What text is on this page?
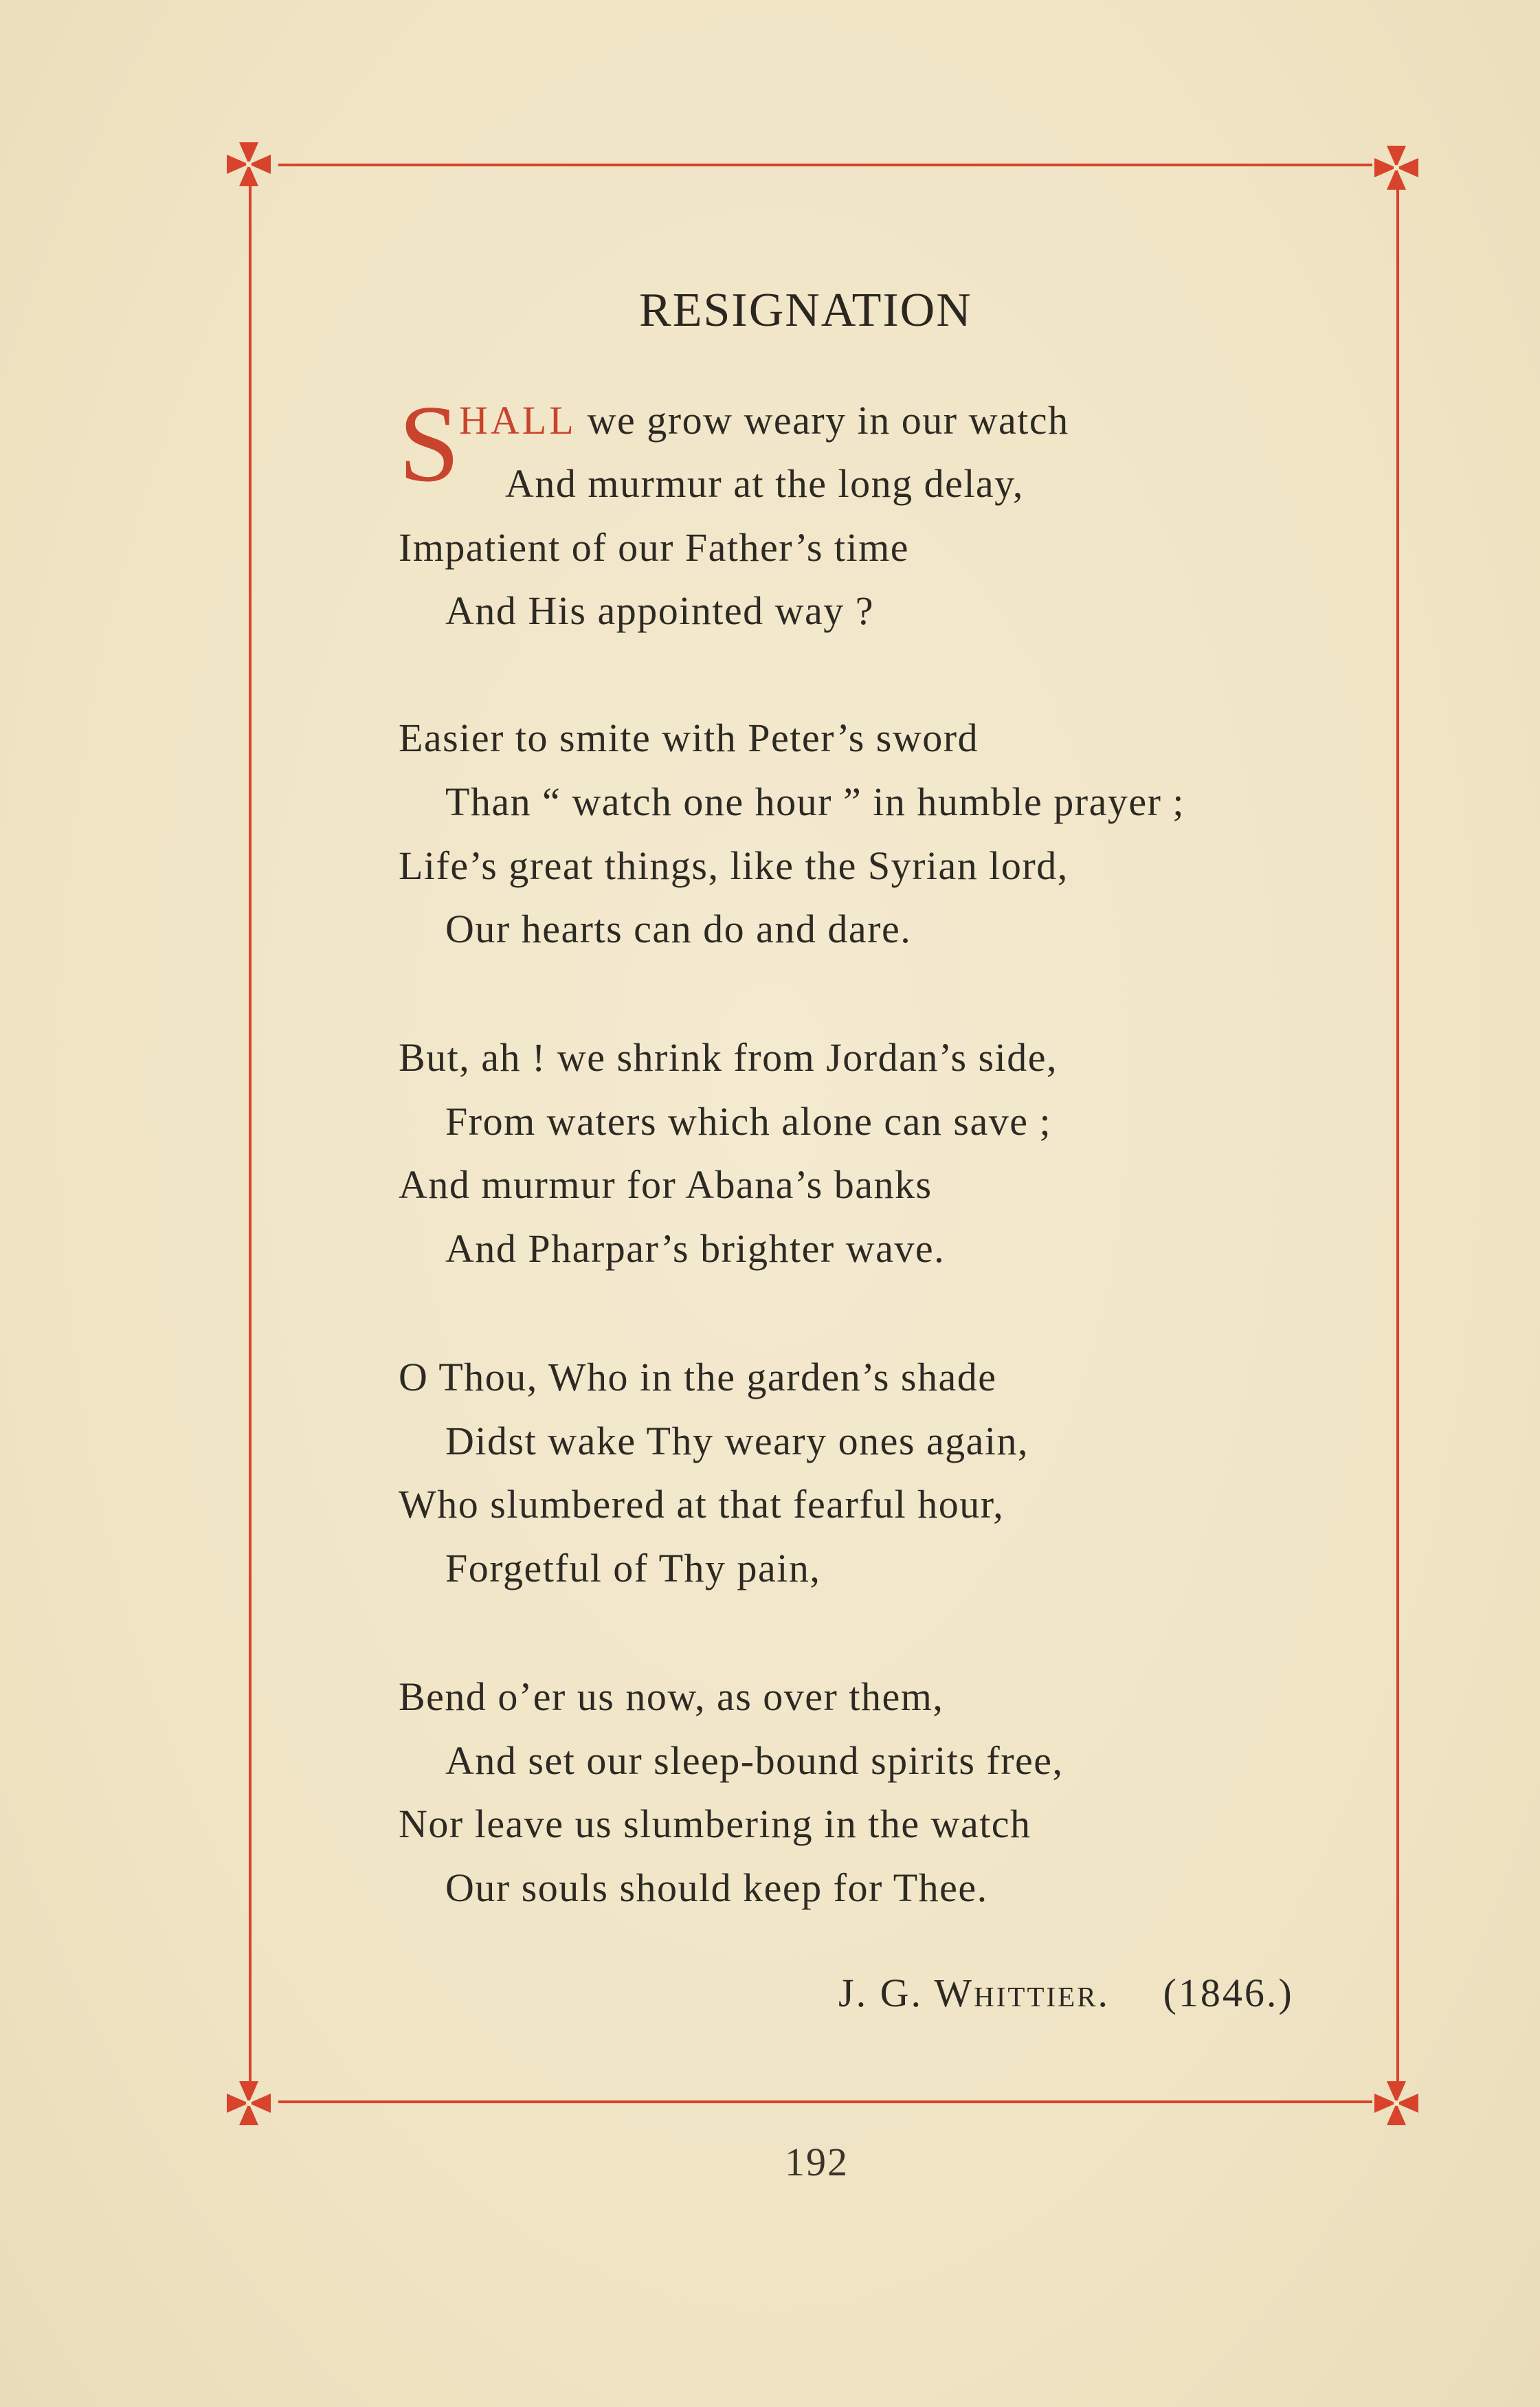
RESIGNATION
S HALL we grow weary in our watch
And murmur at the long delay,
Impatient of our Father’s time
And His appointed way ?
Easier to smite with Peter’s sword
Than “ watch one hour ” in humble prayer ;
Life’s great things, like the Syrian lord,
Our hearts can do and dare.
But, ah ! we shrink from Jordan’s side,
From waters which alone can save ;
And murmur for Abana’s banks
And Pharpar’s brighter wave.
O Thou, Who in the garden’s shade
Didst wake Thy weary ones again,
Who slumbered at that fearful hour,
Forgetful of Thy pain,
Bend o’er us now, as over them,
And set our sleep-bound spirits free,
Nor leave us slumbering in the watch
Our souls should keep for Thee.
J. G. Whittier. (1846.)
192
